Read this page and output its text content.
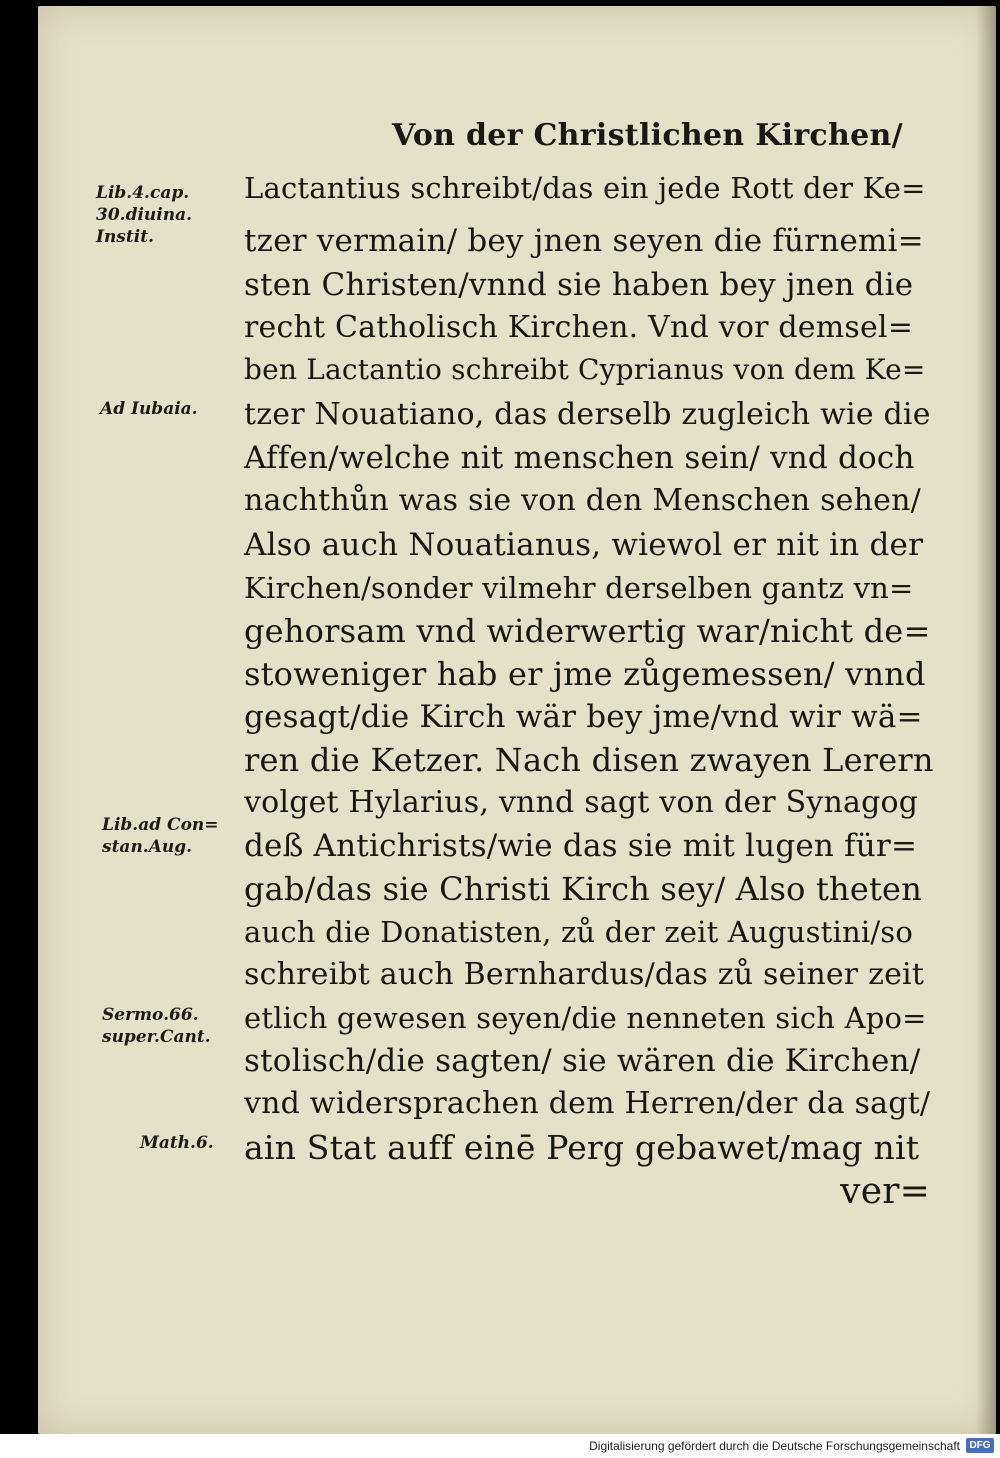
Von der Christlichen Kirchen/
Lib.4.cap.
30.diuina.
Instit.
Ad Iubaia.
Lib.ad Con=
stan.Aug.
Sermo.66.
super.Cant.
Math.6.
Lactantius schreibt/das ein jede Rott der Ke=
tzer vermain/ bey jnen seyen die fürnemi=
sten Christen/vnnd sie haben bey jnen die
recht Catholisch Kirchen. Vnd vor demsel=
ben Lactantio schreibt Cyprianus von dem Ke=
tzer Nouatiano, das derselb zugleich wie die
Affen/welche nit menschen sein/ vnd doch
nachthůn was sie von den Menschen sehen/
Also auch Nouatianus, wiewol er nit in der
Kirchen/sonder vilmehr derselben gantz vn=
gehorsam vnd widerwertig war/nicht de=
stoweniger hab er jme zůgemessen/ vnnd
gesagt/die Kirch wär bey jme/vnd wir wä=
ren die Ketzer. Nach disen zwayen Lerern
volget Hylarius, vnnd sagt von der Synagog
deß Antichrists/wie das sie mit lugen für=
gab/das sie Christi Kirch sey/ Also theten
auch die Donatisten, zů der zeit Augustini/so
schreibt auch Bernhardus/das zů seiner zeit
etlich gewesen seyen/die nenneten sich Apo=
stolisch/die sagten/ sie wären die Kirchen/
vnd widersprachen dem Herren/der da sagt/
ain Stat auff einē Perg gebawet/mag nit
ver=
Digitalisierung gefördert durch die Deutsche Forschungsgemeinschaft DFG
